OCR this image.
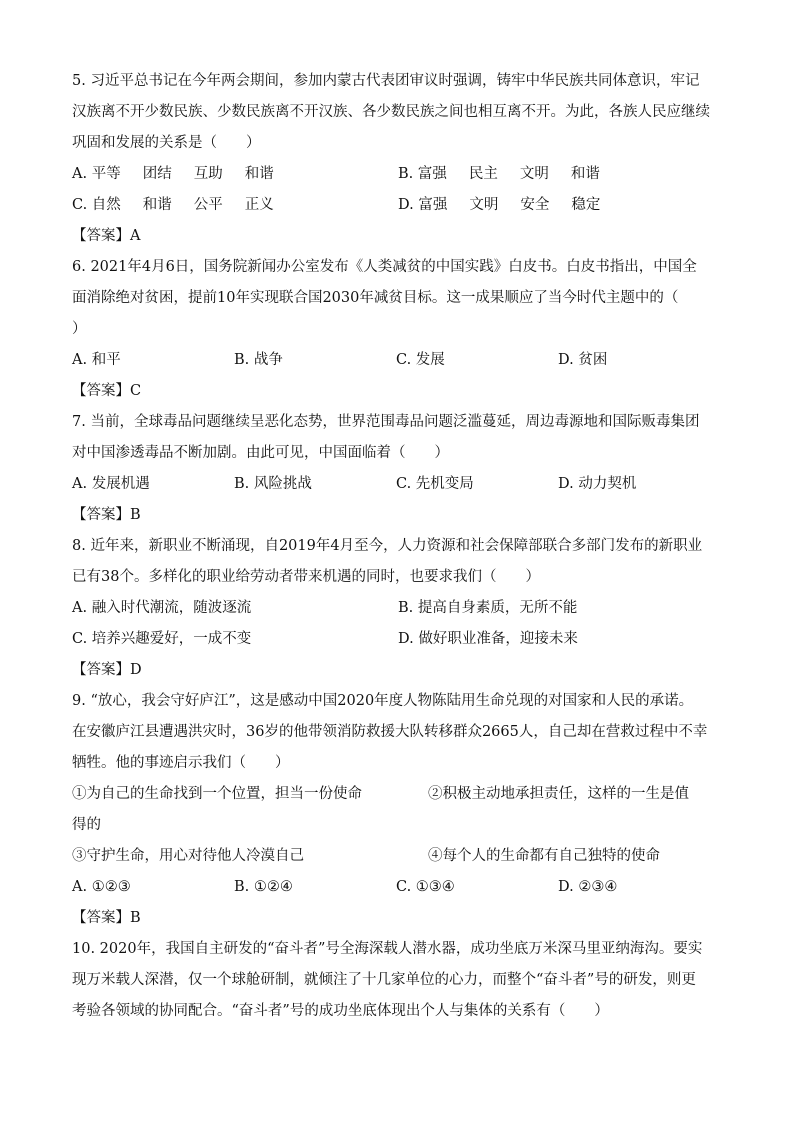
5. 习近平总书记在今年两会期间，参加内蒙古代表团审议时强调，铸牢中华民族共同体意识，牢记
汉族离不开少数民族、少数民族离不开汉族、各少数民族之间也相互离不开。为此，各族人民应继续
巩固和发展的关系是（　　）
A. 平等 团结 互助 和谐	B. 富强 民主 文明 和谐
C. 自然 和谐 公平 正义	D. 富强 文明 安全 稳定
【答案】A
6. 2021年4月6日，国务院新闻办公室发布《人类减贫的中国实践》白皮书。白皮书指出，中国全
面消除绝对贫困，提前10年实现联合国2030年减贫目标。这一成果顺应了当今时代主题中的（
）
A. 和平	B. 战争	C. 发展	D. 贫困
【答案】C
7. 当前，全球毒品问题继续呈恶化态势，世界范围毒品问题泛滥蔓延，周边毒源地和国际贩毒集团
对中国渗透毒品不断加剧。由此可见，中国面临着（　　）
A. 发展机遇	B. 风险挑战	C. 先机变局	D. 动力契机
【答案】B
8. 近年来，新职业不断涌现，自2019年4月至今，人力资源和社会保障部联合多部门发布的新职业
已有38个。多样化的职业给劳动者带来机遇的同时，也要求我们（　　）
A. 融入时代潮流，随波逐流	B. 提高自身素质，无所不能
C. 培养兴趣爱好，一成不变	D. 做好职业准备，迎接未来
【答案】D
9. “放心，我会守好庐江”，这是感动中国2020年度人物陈陆用生命兑现的对国家和人民的承诺。
在安徽庐江县遭遇洪灾时，36岁的他带领消防救援大队转移群众2665人，自己却在营救过程中不幸
牺牲。他的事迹启示我们（　　）
①为自己的生命找到一个位置，担当一份使命	②积极主动地承担责任，这样的一生是值
得的
③守护生命，用心对待他人冷漠自己	④每个人的生命都有自己独特的使命
A. ①②③	B. ①②④	C. ①③④	D. ②③④
【答案】B
10. 2020年，我国自主研发的“奋斗者”号全海深载人潜水器，成功坐底万米深马里亚纳海沟。要实
现万米载人深潜，仅一个球舱研制，就倾注了十几家单位的心力，而整个“奋斗者”号的研发，则更
考验各领域的协同配合。“奋斗者”号的成功坐底体现出个人与集体的关系有（　　）
